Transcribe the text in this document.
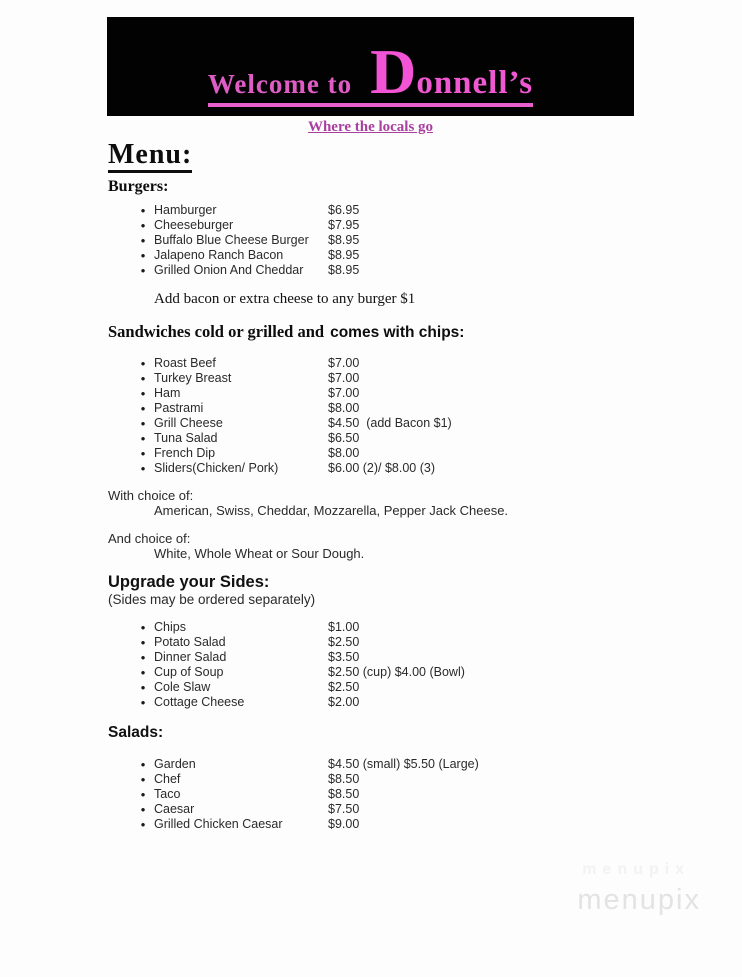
Welcome to D onnell’s
Where the locals go
Menu:
Burgers:
•
Hamburger	$6.95
•
Cheeseburger	$7.95
•
Buffalo Blue Cheese Burger	$8.95
•
Jalapeno Ranch Bacon	$8.95
•
Grilled Onion And Cheddar	$8.95

Add bacon or extra cheese to any burger $1

Sandwiches cold or grilled and comes with chips:
•
Roast Beef	$7.00
•
Turkey Breast	$7.00
•
Ham	$7.00
•
Pastrami	$8.00
•
Grill Cheese	$4.50  (add Bacon $1)
•
Tuna Salad	$6.50
•
French Dip	$8.00
•
Sliders(Chicken/ Pork)	$6.00 (2)/ $8.00 (3)

With choice of:

American, Swiss, Cheddar, Mozzarella, Pepper Jack Cheese.

And choice of:

White, Whole Wheat or Sour Dough.

Upgrade your Sides:

(Sides may be ordered separately)

•
Chips	$1.00
•
Potato Salad	$2.50
•
Dinner Salad	$3.50
•
Cup of Soup	$2.50 (cup) $4.00 (Bowl)
•
Cole Slaw	$2.50
•
Cottage Cheese	$2.00
Salads:
•
Garden	$4.50 (small) $5.50 (Large)
•
Chef	$8.50
•
Taco	$8.50
•
Caesar	$7.50
•
Grilled Chicken Caesar	$9.00
menupix
menupix
